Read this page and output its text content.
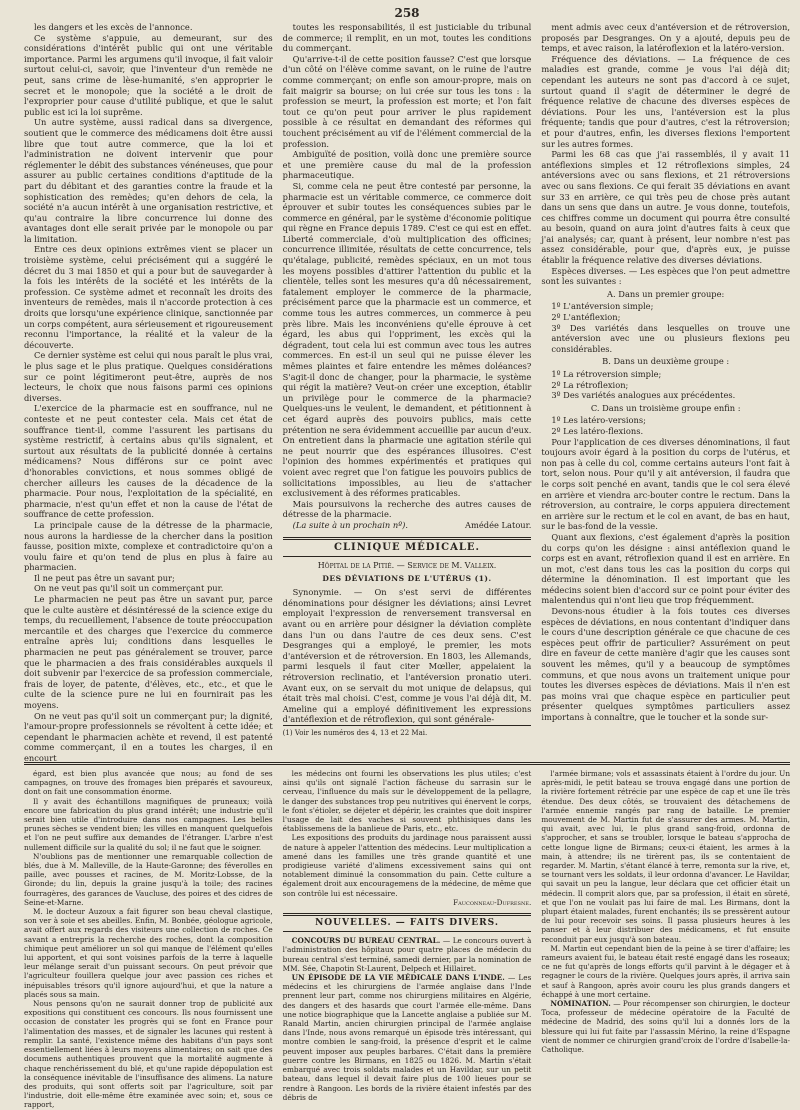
258

les dangers et les excès de l'annonce.

Ce système s'appuie, au demeurant, sur des considérations d'intérêt public qui ont une véritable importance. Parmi les argumens qu'il invoque, il fait valoir surtout celui-ci, savoir, que l'inventeur d'un remède ne peut, sans crime de lèse-humanité, s'en approprier le secret et le monopole; que la société a le droit de l'exproprier pour cause d'utilité publique, et que le salut public est ici la loi suprême.

Un autre système, aussi radical dans sa divergence, soutient que le commerce des médicamens doit être aussi libre que tout autre commerce, que la loi et l'administration ne doivent intervenir que pour réglementer le débit des substances vénéneuses, que pour assurer au public certaines conditions d'aptitude de la part du débitant et des garanties contre la fraude et la sophistication des remèdes; qu'en dehors de cela, la société n'a aucun intérêt à une organisation restrictive, et qu'au contraire la libre concurrence lui donne des avantages dont elle serait privée par le monopole ou par la limitation.

Entre ces deux opinions extrêmes vient se placer un troisième système, celui précisément qui a suggéré le décret du 3 mai 1850 et qui a pour but de sauvegarder à la fois les intérêts de la société et les intérêts de la profession. Ce système admet et reconnaît les droits des inventeurs de remèdes, mais il n'accorde protection à ces droits que lorsqu'une expérience clinique, sanctionnée par un corps compétent, aura sérieusement et rigoureusement reconnu l'importance, la réalité et la valeur de la découverte.

Ce dernier système est celui qui nous paraît le plus vrai, le plus sage et le plus pratique. Quelques considérations sur ce point légitimeront peut-être, auprès de nos lecteurs, le choix que nous faisons parmi ces opinions diverses.

L'exercice de la pharmacie est en souffrance, nul ne conteste et ne peut contester cela. Mais cet état de souffrance tient-il, comme l'assurent les partisans du système restrictif, à certains abus qu'ils signalent, et surtout aux résultats de la publicité donnée à certains médicamens? Nous différons sur ce point avec d'honorables convictions, et nous sommes obligé de chercher ailleurs les causes de la décadence de la pharmacie. Pour nous, l'exploitation de la spécialité, en pharmacie, n'est qu'un effet et non la cause de l'état de souffrance de cette profession.

La principale cause de la détresse de la pharmacie, nous aurons la hardiesse de la chercher dans la position fausse, position mixte, complexe et contradictoire qu'on a voulu faire et qu'on tend de plus en plus à faire au pharmacien.

Il ne peut pas être un savant pur;

On ne veut pas qu'il soit un commerçant pur.

Le pharmacien ne peut pas être un savant pur, parce que le culte austère et désintéressé de la science exige du temps, du recueillement, l'absence de toute préoccupation mercantile et des charges que l'exercice du commerce entraîne après lui; conditions dans lesquelles le pharmacien ne peut pas généralement se trouver, parce que le pharmacien a des frais considérables auxquels il doit subvenir par l'exercice de sa profession commerciale, frais de loyer, de patente, d'élèves, etc., etc., et que le culte de la science pure ne lui en fournirait pas les moyens.

On ne veut pas qu'il soit un commerçant pur; la dignité, l'amour-propre professionnels se révoltent à cette idée; et cependant le pharmacien achète et revend, il est patenté comme commerçant, il en a toutes les charges, il en encourt

toutes les responsabilités, il est justiciable du tribunal de commerce; il remplit, en un mot, toutes les conditions du commerçant.

Qu'arrive-t-il de cette position fausse? C'est que lorsque d'un côté on l'élève comme savant, on le ruine de l'autre comme commerçant; on enfle son amour-propre, mais on fait maigrir sa bourse; on lui crée sur tous les tons : la profession se meurt, la profession est morte; et l'on fait tout ce qu'on peut pour arriver le plus rapidement possible à ce résultat en demandant des réformes qui touchent précisément au vif de l'élément commercial de la profession.

Ambiguïté de position, voilà donc une première source et une première cause du mal de la profession pharmaceutique.

Si, comme cela ne peut être contesté par personne, la pharmacie est un véritable commerce, ce commerce doit éprouver et subir toutes les conséquences subies par le commerce en général, par le système d'économie politique qui règne en France depuis 1789. C'est ce qui est en effet. Liberté commerciale, d'où multiplication des officines; concurrence illimitée, résultats de cette concurrence, tels qu'étalage, publicité, remèdes spéciaux, en un mot tous les moyens possibles d'attirer l'attention du public et la clientèle, telles sont les mesures qu'a dû nécessairement, fatalement employer le commerce de la pharmacie, précisément parce que la pharmacie est un commerce, et comme tous les autres commerces, un commerce à peu près libre. Mais les inconvéniens qu'elle éprouve à cet égard, les abus qui l'oppriment, les excès qui la dégradent, tout cela lui est commun avec tous les autres commerces. En est-il un seul qui ne puisse élever les mêmes plaintes et faire entendre les mêmes doléances? S'agit-il donc de changer, pour la pharmacie, le système qui régit la matière? Veut-on créer une exception, établir un privilège pour le commerce de la pharmacie? Quelques-uns le veulent, le demandent, et pétitionnent à cet égard auprès des pouvoirs publics, mais cette prétention ne sera évidemment accueillie par aucun d'eux. On entretient dans la pharmacie une agitation stérile qui ne peut nourrir que des espérances illusoires. C'est l'opinion des hommes expérimentés et pratiques qui voient avec regret que l'on fatigue les pouvoirs publics de sollicitations impossibles, au lieu de s'attacher exclusivement à des réformes praticables.

Mais poursuivons la recherche des autres causes de détresse de la pharmacie.

(La suite à un prochain nº).	Amédée Latour.

CLINIQUE MÉDICALE.
Hôpital de la Pitié. — Service de M. Valleix.
DES DÉVIATIONS DE L'UTÉRUS (1).

Synonymie. — On s'est servi de différentes dénominations pour désigner les déviations; ainsi Levret employait l'expression de renversement transversal en avant ou en arrière pour désigner la déviation complète dans l'un ou dans l'autre de ces deux sens. C'est Desgranges qui a employé, le premier, les mots d'antéversion et de rétroversion. En 1803, les Allemands, parmi lesquels il faut citer Mœller, appelaient la rétroversion reclinatio, et l'antéversion pronatio uteri. Avant eux, on se servait du mot unique de delapsus, qui était très mal choisi. C'est, comme je vous l'ai déjà dit, M. Ameline qui a employé définitivement les expressions d'antéflexion et de rétroflexion, qui sont générale-

(1) Voir les numéros des 4, 13 et 22 Mai.

ment admis avec ceux d'antéversion et de rétroversion, proposés par Desgranges. On y a ajouté, depuis peu de temps, et avec raison, la latéroflexion et la latéro-version.

Fréquence des déviations. — La fréquence de ces maladies est grande, comme je vous l'ai déjà dit; cependant les auteurs ne sont pas d'accord à ce sujet, surtout quand il s'agit de déterminer le degré de fréquence relative de chacune des diverses espèces de déviations. Pour les uns, l'antéversion est la plus fréquente; tandis que pour d'autres, c'est la rétroversion; et pour d'autres, enfin, les diverses flexions l'emportent sur les autres formes.

Parmi les 68 cas que j'ai rassemblés, il y avait 11 antéflexions simples et 12 rétroflexions simples, 24 antéversions avec ou sans flexions, et 21 rétroversions avec ou sans flexions. Ce qui ferait 35 déviations en avant sur 33 en arrière, ce qui très peu de chose près autant dans un sens que dans un autre. Je vous donne, toutefois, ces chiffres comme un document qui pourra être consulté au besoin, quand on aura joint d'autres faits à ceux que j'ai analysés; car, quant à présent, leur nombre n'est pas assez considérable, pour que, d'après eux, je puisse établir la fréquence relative des diverses déviations.

Espèces diverses. — Les espèces que l'on peut admettre sont les suivantes :

A. Dans un premier groupe:

1º L'antéversion simple;

2º L'antéflexion;

3º Des variétés dans lesquelles on trouve une antéversion avec une ou plusieurs flexions peu considérables.

B. Dans un deuxième groupe :

1º La rétroversion simple;

2º La rétroflexion;

3º Des variétés analogues aux précédentes.

C. Dans un troisième groupe enfin :

1º Les latéro-versions;

2º Les latéro-flexions.

Pour l'application de ces diverses dénominations, il faut toujours avoir égard à la position du corps de l'utérus, et non pas à celle du col, comme certains auteurs l'ont fait à tort, selon nous. Pour qu'il y ait antéversion, il faudra que le corps soit penché en avant, tandis que le col sera élevé en arrière et viendra arc-bouter contre le rectum. Dans la rétroversion, au contraire, le corps appuiera directement en arrière sur le rectum et le col en avant, de bas en haut, sur le bas-fond de la vessie.

Quant aux flexions, c'est également d'après la position du corps qu'on les désigne : ainsi antéflexion quand le corps est en avant, rétroflexion quand il est en arrière. En un mot, c'est dans tous les cas la position du corps qui détermine la dénomination. Il est important que les médecins soient bien d'accord sur ce point pour éviter des malentendus qui n'ont lieu que trop fréquemment.

Devons-nous étudier à la fois toutes ces diverses espèces de déviations, en nous contentant d'indiquer dans le cours d'une description générale ce que chacune de ces espèces peut offrir de particulier? Assurément on peut dire en faveur de cette manière d'agir que les causes sont souvent les mêmes, qu'il y a beaucoup de symptômes communs, et que nous avons un traitement unique pour toutes les diverses espèces de déviations. Mais il n'en est pas moins vrai que chaque espèce en particulier peut présenter quelques symptômes particuliers assez importans à connaître, que le toucher et la sonde sur-

égard, est bien plus avancée que nous; au fond de ses campagnes, on trouve des fromages bien préparés et savoureux, dont on fait une consommation énorme.

Il y avait des échantillons magnifiques de pruneaux; voilà encore une fabrication du plus grand intérêt; une industrie qu'il serait bien utile d'introduire dans nos campagnes. Les belles prunes sèches se vendent bien; les villes en manquent quelquefois et l'on ne peut suffire aux demandes de l'étranger. L'arbre n'est nullement difficile sur la qualité du sol; il ne faut que le soigner.

N'oublions pas de mentionner une remarquable collection de blés, due à M. Malleville, de la Haute-Garonne; des féverolles en paille, avec pousses et racines, de M. Moritz-Lobsse, de la Gironde; du lin, depuis la graine jusqu'à la toile; des racines fourragères, des garances de Vaucluse, des poires et des cidres de Seine-et-Marne.

M. le docteur Auzoux a fait figurer son beau cheval clastique, son ver à soie et ses abeilles. Enfin, M. Bonbée, géologue agricole, avait offert aux regards des visiteurs une collection de roches. Ce savant a entrepris la recherche des roches, dont la composition chimique peut améliorer un sol qui manque de l'élément qu'elles lui apportent, et qui sont voisines parfois de la terre à laquelle leur mélange serait d'un puissant secours. On peut prévoir que l'agriculteur fouillera quelque jour avec passion ces riches et inépuisables trésors qu'il ignore aujourd'hui, et que la nature a placés sous sa main.

Nous pensons qu'on ne saurait donner trop de publicité aux expositions qui constituent ces concours. Ils nous fournissent une occasion de constater les progrès qui se font en France pour l'alimentation des masses, et de signaler les lacunes qui restent à remplir. La santé, l'existence même des habitans d'un pays sont essentiellement liées à leurs moyens alimentaires; on sait que des documens authentiques prouvent que la mortalité augmente à chaque renchérissement du blé, et qu'une rapide dépopulation est la conséquence inévitable de l'insuffisance des alimens. La nature des produits, qui sont offerts soit par l'agriculture, soit par l'industrie, doit elle-même être examinée avec soin; et, sous ce rapport,

les médecins ont fourni les observations les plus utiles; c'est ainsi qu'ils ont signalé l'action fâcheuse du sarrasin sur le cerveau, l'influence du maïs sur le développement de la pellagre, le danger des substances trop peu nutritives qui énervent le corps, le font s'étioler, se déjeter et dépérir, les craintes que doit inspirer l'usage de lait des vaches si souvent phthisiques dans les établissemens de la banlieue de Paris, etc., etc.

Les expositions des produits du jardinage nous paraissent aussi de nature à appeler l'attention des médecins. Leur multiplication a amené dans les familles une très grande quantité et une prodigieuse variété d'alimens excessivement sains qui ont notablement diminué la consommation du pain. Cette culture a également droit aux encouragemens de la médecine, de même que son contrôle lui est nécessaire.

Fauconneau-Dufresne.

NOUVELLES. — FAITS DIVERS.

CONCOURS DU BUREAU CENTRAL. — Le concours ouvert à l'administration des hôpitaux pour quatre places de médecin du bureau central s'est terminé, samedi dernier, par la nomination de MM. Sée, Chapotin St-Laurent, Delpech et Hillairet.

UN ÉPISODE DE LA VIE MÉDICALE DANS L'INDE. — Les médecins et les chirurgiens de l'armée anglaise dans l'Inde prennent leur part, comme nos chirurgiens militaires en Algérie, des dangers et des hasards que court l'armée elle-même. Dans une notice biographique que la Lancette anglaise a publiée sur M. Ranald Martin, ancien chirurgien principal de l'armée anglaise dans l'Inde, nous avons remarqué un épisode très intéressant, qui montre combien le sang-froid, la présence d'esprit et le calme peuvent imposer aux peuples barbares. C'était dans la première guerre contre les Birmans, en 1825 ou 1826. M. Martin s'était embarqué avec trois soldats malades et un Havildar, sur un petit bateau, dans lequel il devait faire plus de 100 lieues pour se rendre à Rangoon. Les bords de la rivière étaient infestés par des débris de

l'armée birmane; vols et assassinats étaient à l'ordre du jour. Un après-midi, le petit bateau se trouva engagé dans une portion de la rivière fortement rétrécie par une espèce de cap et une île très étendue. Des deux côtés, se trouvaient des détachemens de l'armée ennemie rangés par rang de bataille. Le premier mouvement de M. Martin fut de s'assurer des armes. M. Martin, qui avait, avec lui, le plus grand sang-froid, ordonna de s'approcher, et sans se troubler, lorsque le bateau s'approcha de cette longue ligne de Birmans; ceux-ci étaient, les armes à la main, à attendre; ils ne tirèrent pas, ils se contentaient de regarder. M. Martin, s'étant élancé à terre, remonta sur la rive, et, se tournant vers les soldats, il leur ordonna d'avancer. Le Havildar, qui savait un peu la langue, leur déclara que cet officier était un médecin. Il comprit alors que, par sa profession, il était en sûreté, et que l'on ne voulait pas lui faire de mal. Les Birmans, dont la plupart étaient malades, furent enchantés; ils se pressèrent autour de lui pour recevoir ses soins. Il passa plusieurs heures à les panser et à leur distribuer des médicamens, et fut ensuite reconduit par eux jusqu'à son bateau.

M. Martin eut cependant bien de la peine à se tirer d'affaire; les rameurs avaient fui, le bateau était resté engagé dans les roseaux; ce ne fut qu'après de longs efforts qu'il parvint à le dégager et à regagner le cours de la rivière. Quelques jours après, il arriva sain et sauf à Rangoon, après avoir couru les plus grands dangers et échappé à une mort certaine.

NOMINATION. — Pour récompenser son chirurgien, le docteur Toca, professeur de médecine opératoire de la Faculté de médecine de Madrid, des soins qu'il lui a donnés lors de la blessure qui lui fut faite par l'assassin Mérino, la reine d'Espagne vient de nommer ce chirurgien grand'croix de l'ordre d'Isabelle-la-Catholique.
